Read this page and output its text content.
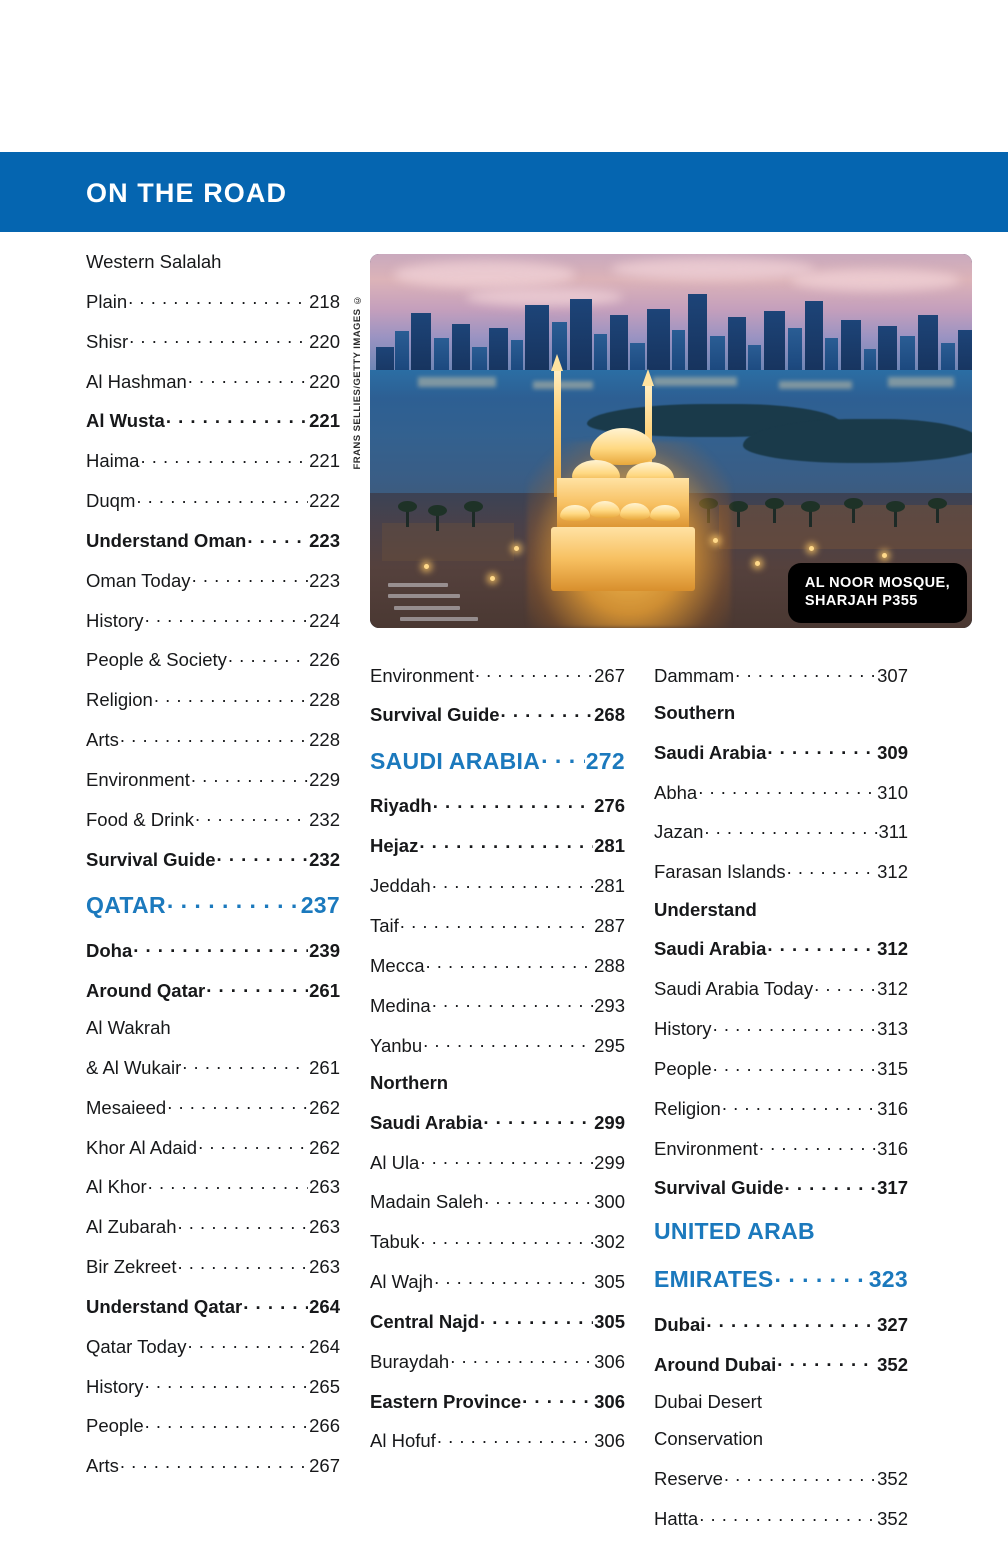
ON THE ROAD
FRANS SELLIES/GETTY IMAGES ©
AL NOOR MOSQUE,
SHARJAH P355
Western Salalah
Plain . . .	218
Shisr . . .	220
Al Hashman . . .	220
Al Wusta . . .	221
Haima . . .	221
Duqm . . .	222
Understand Oman . . .	223
Oman Today . . .	223
History . . .	224
People & Society . . .	226
Religion . . .	228
Arts . . .	228
Environment . . .	229
Food & Drink . . .	232
Survival Guide . . .	232
QATAR . . .	237
Doha . . .	239
Around Qatar . . .	261
Al Wakrah
& Al Wukair . . .	261
Mesaieed . . .	262
Khor Al Adaid . . .	262
Al Khor . . .	263
Al Zubarah . . .	263
Bir Zekreet . . .	263
Understand Qatar . . .	264
Qatar Today . . .	264
History . . .	265
People . . .	266
Arts . . .	267
Environment . . .	267
Survival Guide . . .	268
SAUDI ARABIA . . . 272
Riyadh . . .	276
Hejaz . . .	281
Jeddah . . .	281
Taif . . .	287
Mecca . . .	288
Medina . . .	293
Yanbu . . .	295
Northern
Saudi Arabia . . .	299
Al Ula . . .	299
Madain Saleh . . .	300
Tabuk . . .	302
Al Wajh . . .	305
Central Najd . . .	305
Buraydah . . .	306
Eastern Province . . .	306
Al Hofuf . . .	306
Dammam . . .	307
Southern
Saudi Arabia . . .	309
Abha . . .	310
Jazan . . .	311
Farasan Islands . . .	312
Understand
Saudi Arabia . . .	312
Saudi Arabia Today . . .	312
History . . .	313
People . . .	315
Religion . . .	316
Environment . . .	316
Survival Guide . . .	317
UNITED ARAB
EMIRATES . . .	323
Dubai . . .	327
Around Dubai . . .	352
Dubai Desert
Conservation
Reserve . . .	352
Hatta . . .	352
